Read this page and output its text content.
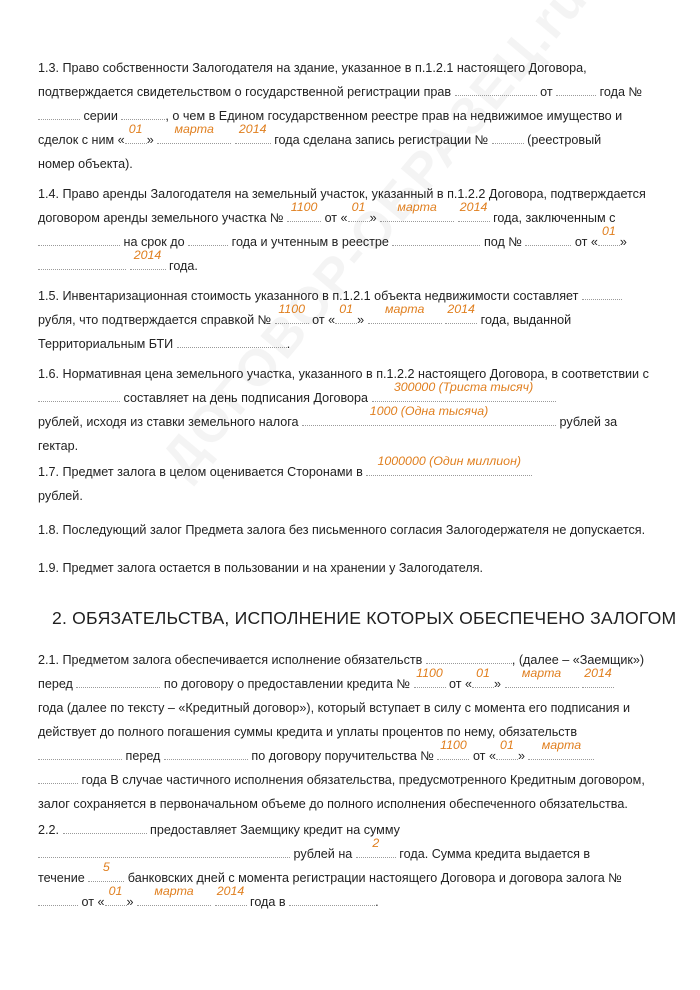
1.3. Право собственности Залогодателя на здание, указанное в п.1.2.1 настоящего Договора,
подтверждается свидетельством о государственной регистрации прав	от	года №
серии	, о чем в Едином государственном реестре прав на недвижимое имущество и
сделок с ним «
01
»
марта
	2014
года сделана запись регистрации №	(реестровый
номер объекта).
1.4. Право аренды Залогодателя на земельный участок, указанный в п.1.2.2 Договора, подтверждается
договором аренды земельного участка №
1100
от «
01
»
марта
	2014
года, заключенным с
на срок до	года и учтенным в реестре	под №	от «
01
»

2014
года.
1.5. Инвентаризационная стоимость указанного в п.1.2.1 объекта недвижимости составляет
рубля, что подтверждается справкой №
1100
от «
01
»
марта
	2014
года, выданной
Территориальным БТИ	.
1.6. Нормативная цена земельного участка, указанного в п.1.2.2 настоящего Договора, в соответствии с
составляет на день подписания Договора
300000 (Триста тысяч)
рублей, исходя из ставки земельного налога
1000 (Одна тысяча)
рублей за
гектар.
1.7. Предмет залога в целом оценивается Сторонами в
1000000 (Один миллион)
рублей.
1.8. Последующий залог Предмета залога без письменного согласия Залогодержателя не допускается.
1.9. Предмет залога остается в пользовании и на хранении у Залогодателя.
2. ОБЯЗАТЕЛЬСТВА, ИСПОЛНЕНИЕ КОТОРЫХ ОБЕСПЕЧЕНО ЗАЛОГОМ
2.1. Предметом залога обеспечивается исполнение обязательств	, (далее – «Заемщик»)
перед	по договору о предоставлении кредита №
1100
от «
01
»
марта
	2014
года (далее по тексту – «Кредитный договор»), который вступает в силу с момента его подписания и
действует до полного погашения суммы кредита и уплаты процентов по нему, обязательств
перед	по договору поручительства №
1100
от «
01
»
марта
года В случае частичного исполнения обязательства, предусмотренного Кредитным договором,
залог сохраняется в первоначальном объеме до полного исполнения обеспеченного обязательства.
2.2.	предоставляет Заемщику кредит на сумму
рублей на
2
года. Сумма кредита выдается в
течение
5
банковских дней с момента регистрации настоящего Договора и договора залога №
от «
01
»
марта
	2014
года в	.
